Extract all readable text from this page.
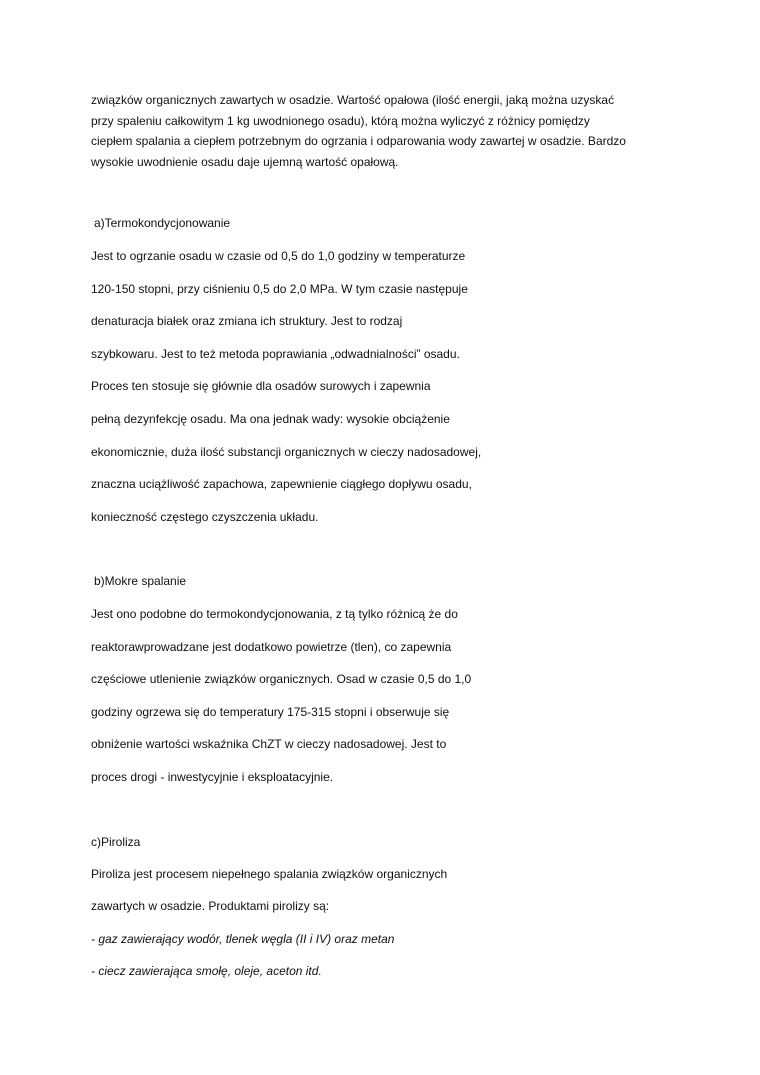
związków organicznych zawartych w osadzie. Wartość opałowa (ilość energii, jaką można uzyskać

przy spaleniu całkowitym 1 kg uwodnionego osadu), którą można wyliczyć z różnicy pomiędzy

ciepłem spalania a ciepłem potrzebnym do ogrzania i odparowania wody zawartej w osadzie. Bardzo

wysokie uwodnienie osadu daje ujemną wartość opałową.

a)Termokondycjonowanie
Jest to ogrzanie osadu w czasie od 0,5 do 1,0 godziny w temperaturze
120-150 stopni, przy ciśnieniu 0,5 do 2,0 MPa. W tym czasie następuje
denaturacja białek oraz zmiana ich struktury. Jest to rodzaj
szybkowaru. Jest to też metoda poprawiania „odwadnialności” osadu.
Proces ten stosuje się głównie dla osadów surowych i zapewnia
pełną dezynfekcję osadu. Ma ona jednak wady: wysokie obciążenie
ekonomicznie, duża ilość substancji organicznych w cieczy nadosadowej,
znaczna uciążliwość zapachowa, zapewnienie ciągłego dopływu osadu,
konieczność częstego czyszczenia układu.
b)Mokre spalanie
Jest ono podobne do termokondycjonowania, z tą tylko różnicą że do
reaktorawprowadzane jest dodatkowo powietrze (tlen), co zapewnia
częściowe utlenienie związków organicznych. Osad w czasie 0,5 do 1,0
godziny ogrzewa się do temperatury 175-315 stopni i obserwuje się
obniżenie wartości wskaźnika ChZT w cieczy nadosadowej. Jest to
proces drogi - inwestycyjnie i eksploatacyjnie.
c)Piroliza
Piroliza jest procesem niepełnego spalania związków organicznych
zawartych w osadzie. Produktami pirolizy są:
- gaz zawierający wodór, tlenek węgla (II i IV) oraz metan
- ciecz zawierająca smołę, oleje, aceton itd.
